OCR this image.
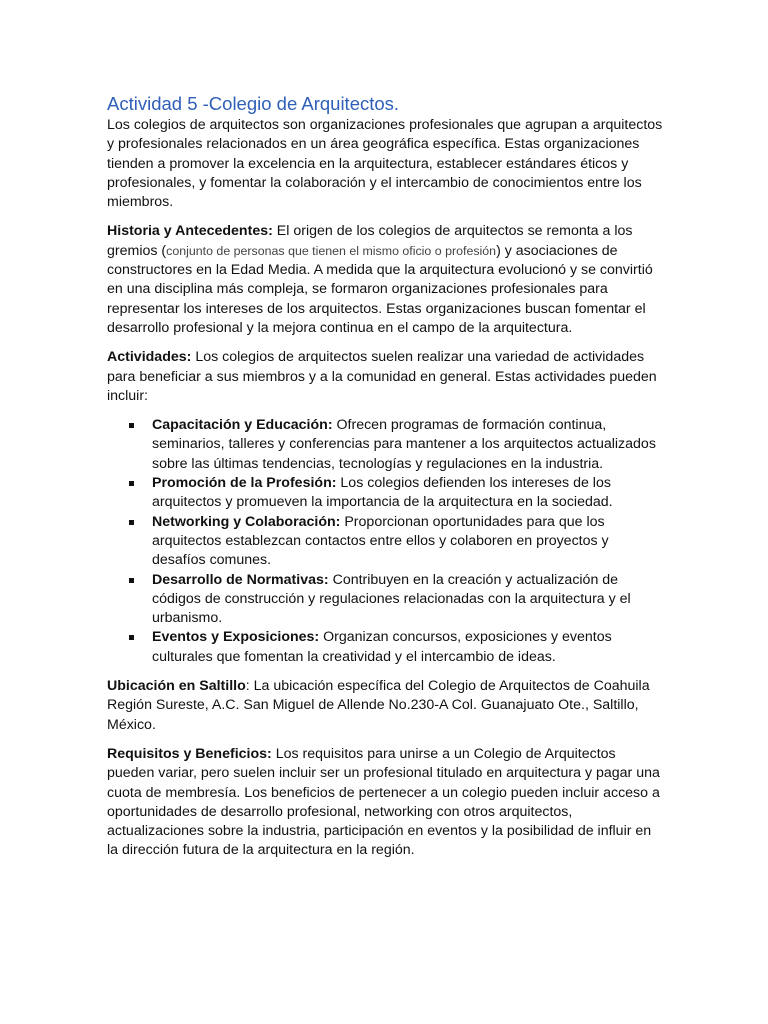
Actividad 5 -Colegio de Arquitectos.

Los colegios de arquitectos son organizaciones profesionales que agrupan a arquitectos y profesionales relacionados en un área geográfica específica. Estas organizaciones tienden a promover la excelencia en la arquitectura, establecer estándares éticos y profesionales, y fomentar la colaboración y el intercambio de conocimientos entre los miembros.

Historia y Antecedentes: El origen de los colegios de arquitectos se remonta a los gremios (conjunto de personas que tienen el mismo oficio o profesión) y asociaciones de constructores en la Edad Media. A medida que la arquitectura evolucionó y se convirtió en una disciplina más compleja, se formaron organizaciones profesionales para representar los intereses de los arquitectos. Estas organizaciones buscan fomentar el desarrollo profesional y la mejora continua en el campo de la arquitectura.

Actividades: Los colegios de arquitectos suelen realizar una variedad de actividades para beneficiar a sus miembros y a la comunidad en general. Estas actividades pueden incluir:

Capacitación y Educación: Ofrecen programas de formación continua, seminarios, talleres y conferencias para mantener a los arquitectos actualizados sobre las últimas tendencias, tecnologías y regulaciones en la industria.
Promoción de la Profesión: Los colegios defienden los intereses de los arquitectos y promueven la importancia de la arquitectura en la sociedad.
Networking y Colaboración: Proporcionan oportunidades para que los arquitectos establezcan contactos entre ellos y colaboren en proyectos y desafíos comunes.
Desarrollo de Normativas: Contribuyen en la creación y actualización de códigos de construcción y regulaciones relacionadas con la arquitectura y el urbanismo.
Eventos y Exposiciones: Organizan concursos, exposiciones y eventos culturales que fomentan la creatividad y el intercambio de ideas.

Ubicación en Saltillo: La ubicación específica del Colegio de Arquitectos de Coahuila Región Sureste, A.C. San Miguel de Allende No.230-A Col. Guanajuato Ote., Saltillo, México.

Requisitos y Beneficios: Los requisitos para unirse a un Colegio de Arquitectos pueden variar, pero suelen incluir ser un profesional titulado en arquitectura y pagar una cuota de membresía. Los beneficios de pertenecer a un colegio pueden incluir acceso a oportunidades de desarrollo profesional, networking con otros arquitectos, actualizaciones sobre la industria, participación en eventos y la posibilidad de influir en la dirección futura de la arquitectura en la región.
